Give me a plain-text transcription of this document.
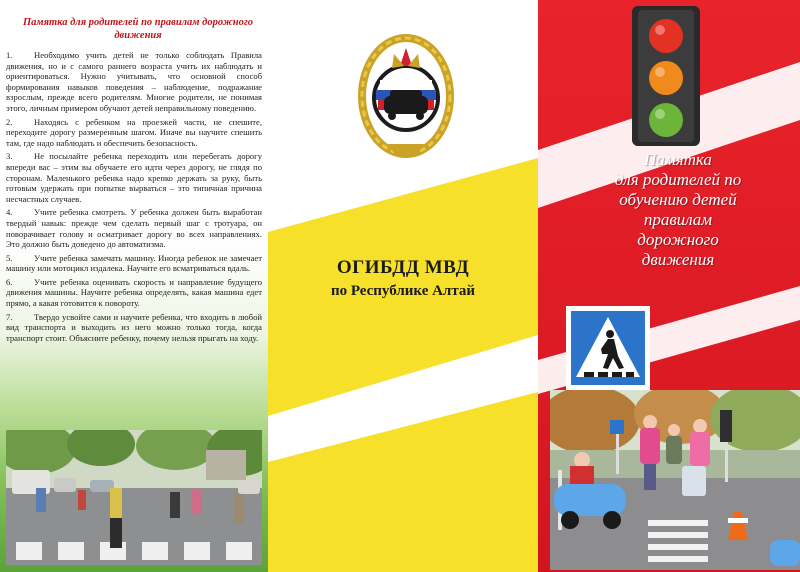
Памятка для родителей по правилам дорожного движения
1.	Необходимо учить детей не только соблюдать Правила движения, но и с самого раннего возраста учить их наблюдать и ориентироваться. Нужно учитывать, что основной способ формирования навыков поведения – наблюдение, подражание взрослым, прежде всего родителям. Многие родители, не понимая этого, личным примером обучают детей неправильному поведению.
2.	Находясь с ребенком на проезжей части, не спешите, переходите дорогу размеренным шагом. Иначе вы научите спешить там, где надо наблюдать и обеспечить безопасность.
3.	Не посылайте ребенка переходить или перебегать дорогу впереди вас – этим вы обучаете его идти через дорогу, не глядя по сторонам. Маленького ребенка надо крепко держать за руку, быть готовым удержать при попытке вырваться – это типичная причина несчастных случаев.
4.	Учите ребенка смотреть. У ребенка должен быть выработан твердый навык: прежде чем сделать первый шаг с тротуара, он поворачивает голову и осматривает дорогу во всех направлениях. Это должно быть доведено до автоматизма.
5.	Учите ребенка замечать машину. Иногда ребенок не замечает машину или мотоцикл издалека. Научите его всматриваться вдаль.
6.	Учите ребенка оценивать скорость и направление будущего движения машины. Научите ребенка определять, какая машина едет прямо, а какая готовится к повороту.
7.	Твердо усвойте сами и научите ребенка, что входить в любой вид транспорта и выходить из него можно только тогда, когда транспорт стоит. Объясните ребенку, почему нельзя прыгать на ходу.
ОГИБДД МВД
по Республике Алтай
Памятка
для родителей по
обучению детей
правилам
дорожного
движения
